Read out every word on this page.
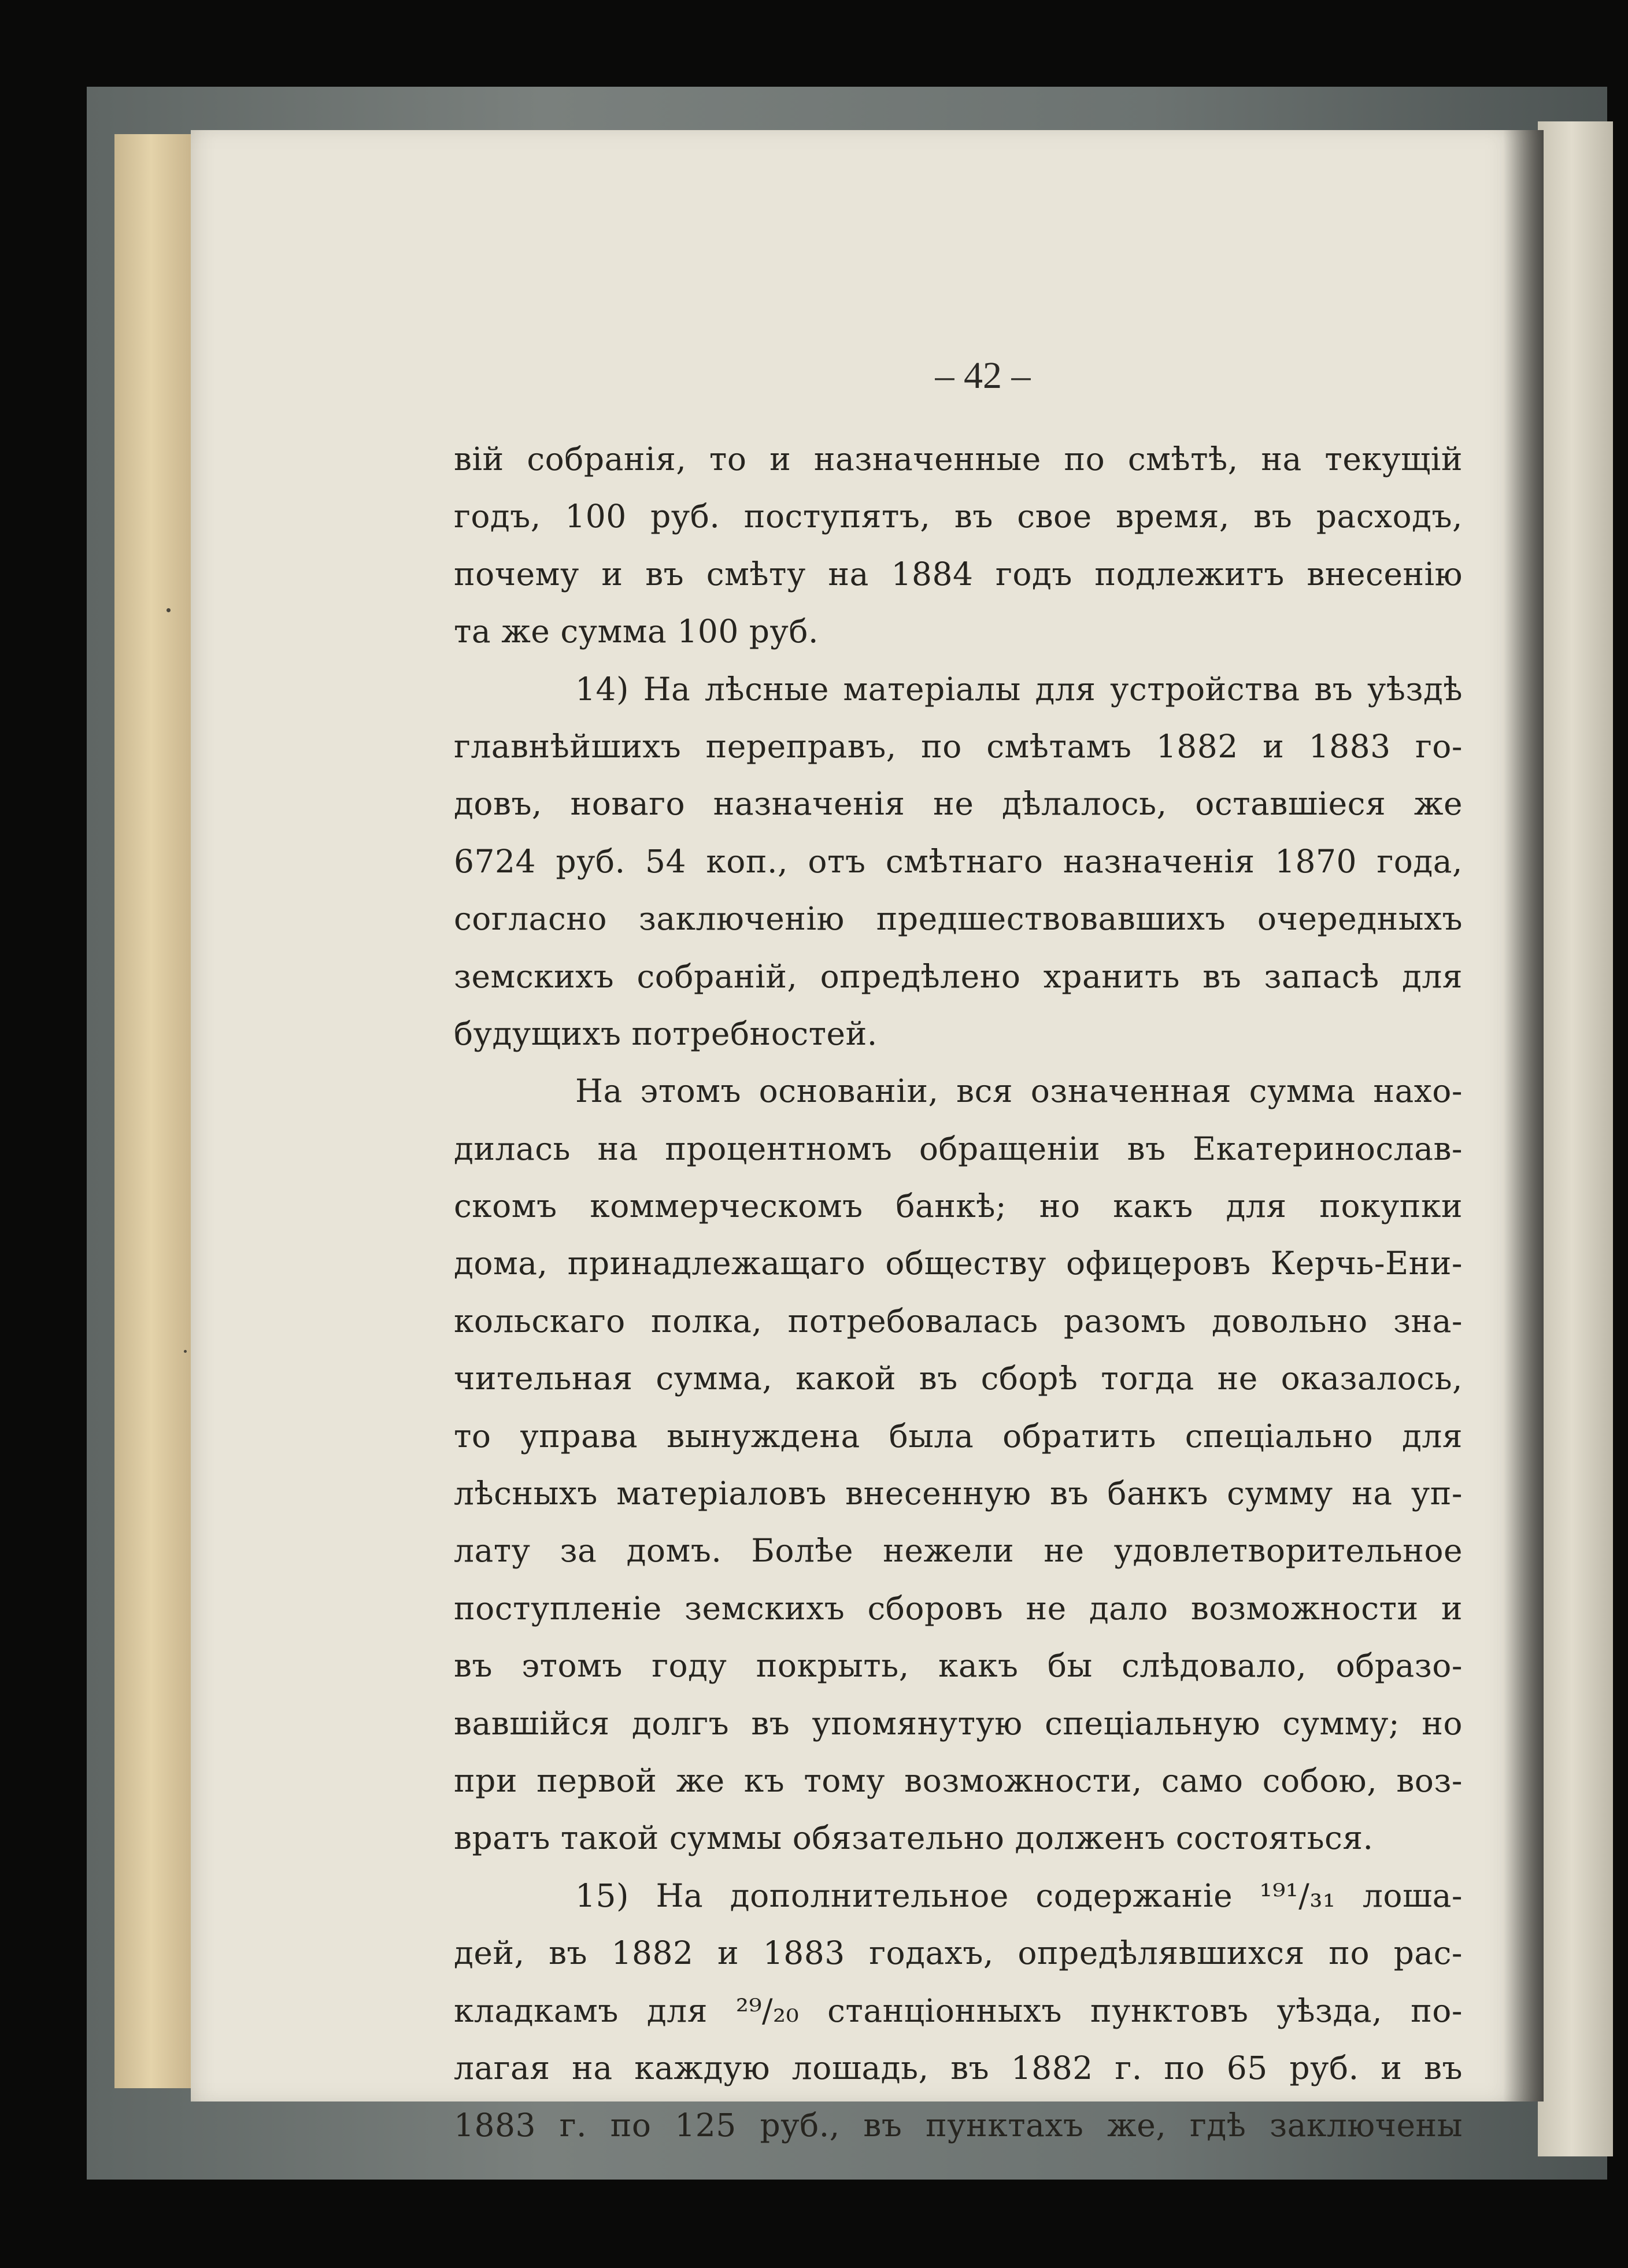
– 42 –
вій собранія, то и назначенные по смѣтѣ, на текущій
годъ, 100 руб. поступятъ, въ свое время, въ расходъ,
почему и въ смѣту на 1884 годъ подлежитъ внесенію
та же сумма 100 руб.
14) На лѣсные матеріалы для устройства въ уѣздѣ
главнѣйшихъ переправъ, по смѣтамъ 1882 и 1883 го-
довъ, новаго назначенія не дѣлалось, оставшіеся же
6724 руб. 54 коп., отъ смѣтнаго назначенія 1870 года,
согласно заключенію предшествовавшихъ очередныхъ
земскихъ собраній, опредѣлено хранить въ запасѣ для
будущихъ потребностей.
На этомъ основаніи, вся означенная сумма нахо-
дилась на процентномъ обращеніи въ Екатеринослав-
скомъ коммерческомъ банкѣ; но какъ для покупки
дома, принадлежащаго обществу офицеровъ Керчь-Ени-
кольскаго полка, потребовалась разомъ довольно зна-
чительная сумма, какой въ сборѣ тогда не оказалось,
то управа вынуждена была обратить спеціально для
лѣсныхъ матеріаловъ внесенную въ банкъ сумму на уп-
лату за домъ. Болѣе нежели не удовлетворительное
поступленіе земскихъ сборовъ не дало возможности и
въ этомъ году покрыть, какъ бы слѣдовало, образо-
вавшійся долгъ въ упомянутую спеціальную сумму; но
при первой же къ тому возможности, само собою, воз-
вратъ такой суммы обязательно долженъ состояться.
15) На дополнительное содержаніе ¹⁹¹/₃₁ лошa-
дей, въ 1882 и 1883 годахъ, опредѣлявшихся по рас-
кладкамъ для ²⁹/₂₀ станціонныхъ пунктовъ уѣзда, по-
лагая на каждую лошадь, въ 1882 г. по 65 руб. и въ
1883 г. по 125 руб., въ пунктахъ же, гдѣ заключены
